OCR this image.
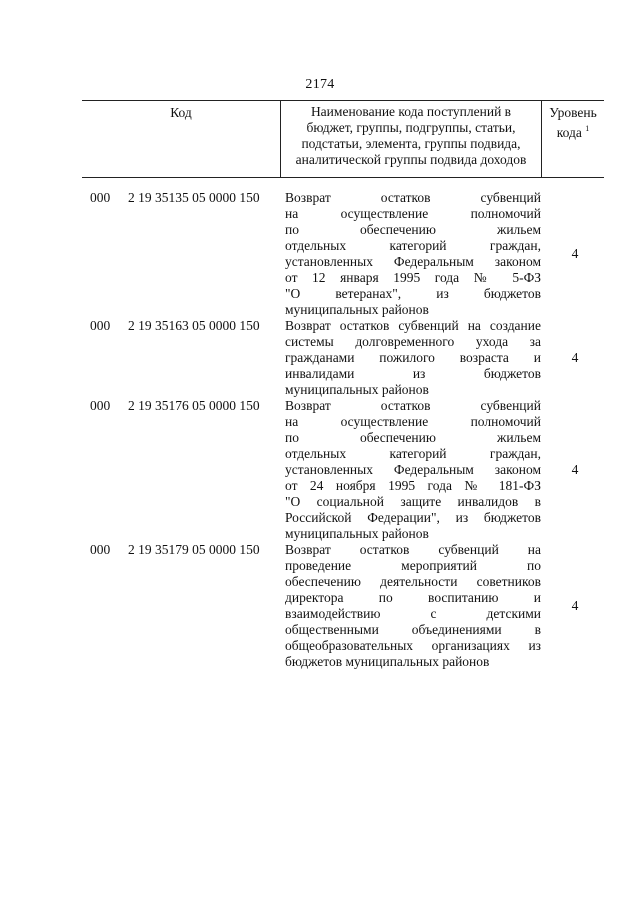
2174
Код	Наименование кода поступлений в
бюджет, группы, подгруппы, статьи,
подстатьи, элемента, группы подвида,
аналитической группы подвида доходов
Уровень
кода $^1$
000 2 19 35135 05 0000 150 Возврат остатков субвенций
на осуществление полномочий
по обеспечению жильем
отдельных категорий граждан,
установленных Федеральным законом
от 12 января 1995 года № 5-ФЗ
"О ветеранах", из бюджетов
муниципальных районов
4
000 2 19 35163 05 0000 150 Возврат остатков субвенций на создание
системы долговременного ухода за
гражданами пожилого возраста и
инвалидами из бюджетов
муниципальных районов
4
000 2 19 35176 05 0000 150 Возврат остатков субвенций
на осуществление полномочий
по обеспечению жильем
отдельных категорий граждан,
установленных Федеральным законом
от 24 ноября 1995 года № 181-ФЗ
"О социальной защите инвалидов в
Российской Федерации", из бюджетов
муниципальных районов
4
000 2 19 35179 05 0000 150 Возврат остатков субвенций на
проведение мероприятий по
обеспечению деятельности советников
директора по воспитанию и
взаимодействию с детскими
общественными объединениями в
общеобразовательных организациях из
бюджетов муниципальных районов
4
